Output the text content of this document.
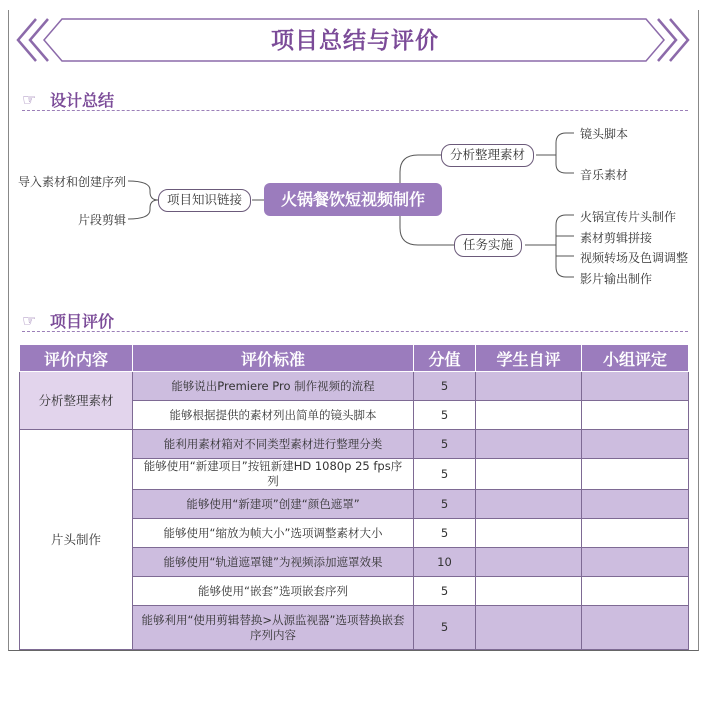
项目总结与评价
☞ 设计总结
导入素材和创建序列
片段剪辑
项目知识链接	火锅餐饮短视频制作
分析整理素材
任务实施
镜头脚本
音乐素材
火锅宣传片头制作
素材剪辑拼接
视频转场及色调调整
影片输出制作
☞ 项目评价
评价内容	评价标准	分值	学生自评	小组评定
分析整理素材	能够说出Premiere Pro 制作视频的流程	5		
	能够根据提供的素材列出简单的镜头脚本	5		
片头制作	能利用素材箱对不同类型素材进行整理分类	5		
	能够使用“新建项目”按钮新建HD 1080p 25 fps序列	5		
	能够使用“新建项”创建“颜色遮罩”	5		
	能够使用“缩放为帧大小”选项调整素材大小	5		
	能够使用“轨道遮罩键”为视频添加遮罩效果	10		
	能够使用“嵌套”选项嵌套序列	5		
	能够利用“使用剪辑替换>从源监视器”选项替换嵌套序列内容	5		
